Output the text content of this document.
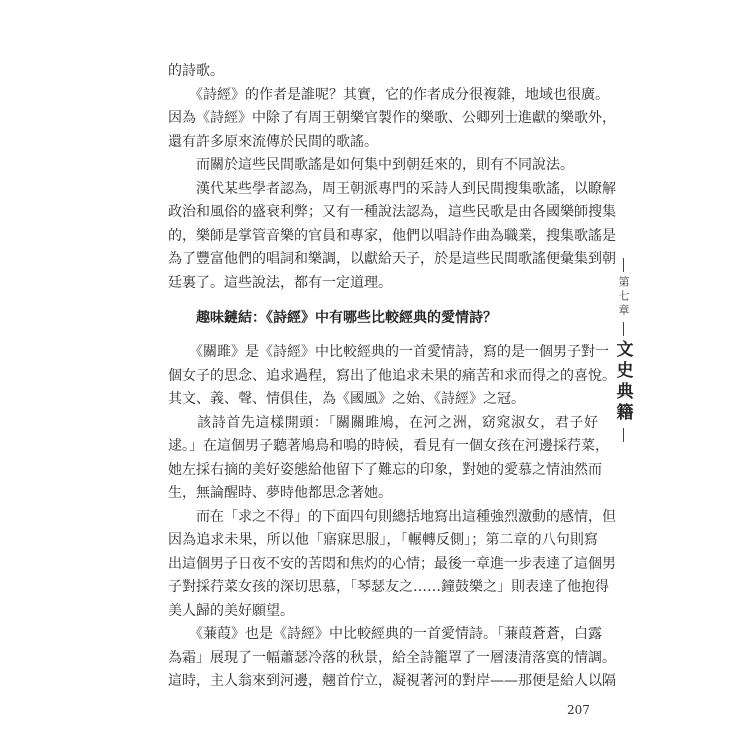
的詩歌。
　　《詩經》的作者是誰呢？其實，它的作者成分很複雜，地域也很廣。
因為《詩經》中除了有周王朝樂官製作的樂歌、公卿列士進獻的樂歌外，
還有許多原來流傳於民間的歌謠。
　　而關於這些民間歌謠是如何集中到朝廷來的，則有不同說法。
　　漢代某些學者認為，周王朝派專門的采詩人到民間搜集歌謠，以瞭解
政治和風俗的盛衰利弊；又有一種說法認為，這些民歌是由各國樂師搜集
的，樂師是掌管音樂的官員和專家，他們以唱詩作曲為職業，搜集歌謠是
為了豐富他們的唱詞和樂調，以獻給天子，於是這些民間歌謠便彙集到朝
廷裏了。這些說法，都有一定道理。
趣味鏈結：《詩經》中有哪些比較經典的愛情詩？
　　《關雎》是《詩經》中比較經典的一首愛情詩，寫的是一個男子對一
個女子的思念、追求過程，寫出了他追求未果的痛苦和求而得之的喜悅。
其文、義、聲、情俱佳，為《國風》之始、《詩經》之冠。
　　該詩首先這樣開頭：「關關雎鳩，在河之洲，窈窕淑女，君子好
逑。」在這個男子聽著鳩鳥和鳴的時候，看見有一個女孩在河邊採荇菜，
她左採右摘的美好姿態給他留下了難忘的印象，對她的愛慕之情油然而
生，無論醒時、夢時他都思念著她。
　　而在「求之不得」的下面四句則總括地寫出這種強烈激動的感情，但
因為追求未果，所以他「寤寐思服」，「輾轉反側」；第二章的八句則寫
出這個男子日夜不安的苦悶和焦灼的心情；最後一章進一步表達了這個男
子對採荇菜女孩的深切思慕，「琴瑟友之……鐘鼓樂之」則表達了他抱得
美人歸的美好願望。
　　《蒹葭》也是《詩經》中比較經典的一首愛情詩。「蒹葭蒼蒼，白露
為霜」展現了一幅蕭瑟冷落的秋景，給全詩籠罩了一層淒清落寞的情調。
這時，主人翁來到河邊，翹首佇立，凝視著河的對岸——那便是給人以隔
第七章
文史典籍
207
